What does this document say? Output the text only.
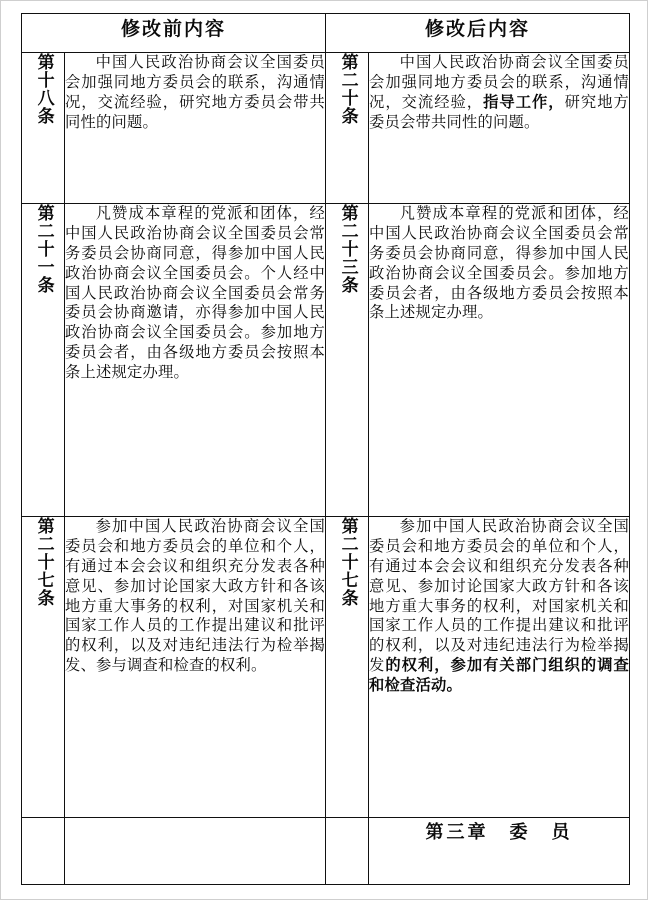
修改前内容		修改后内容	
第十八条	中国人民政治协商会议全国委员会加强同地方委员会的联系，沟通情况，交流经验，研究地方委员会带共同性的问题。	第二十条	中国人民政治协商会议全国委员会加强同地方委员会的联系，沟通情况，交流经验，指导工作，研究地方委员会带共同性的问题。

第二十一条	凡赞成本章程的党派和团体，经中国人民政治协商会议全国委员会常务委员会协商同意，得参加中国人民政治协商会议全国委员会。个人经中国人民政治协商会议全国委员会常务委员会协商邀请，亦得参加中国人民政治协商会议全国委员会。参加地方委员会者，由各级地方委员会按照本条上述规定办理。	第二十三条	凡赞成本章程的党派和团体，经中国人民政治协商会议全国委员会常务委员会协商同意，得参加中国人民政治协商会议全国委员会。参加地方委员会者，由各级地方委员会按照本条上述规定办理。

第二十七条	参加中国人民政治协商会议全国委员会和地方委员会的单位和个人，有通过本会会议和组织充分发表各种意见、参加讨论国家大政方针和各该地方重大事务的权利，对国家机关和国家工作人员的工作提出建议和批评的权利，以及对违纪违法行为检举揭发、参与调查和检查的权利。	第二十七条	参加中国人民政治协商会议全国委员会和地方委员会的单位和个人，有通过本会会议和组织充分发表各种意见、参加讨论国家大政方针和各该地方重大事务的权利，对国家机关和国家工作人员的工作提出建议和批评的权利，以及对违纪违法行为检举揭发的权利，参加有关部门组织的调查和检查活动。

			第三章　委　员
